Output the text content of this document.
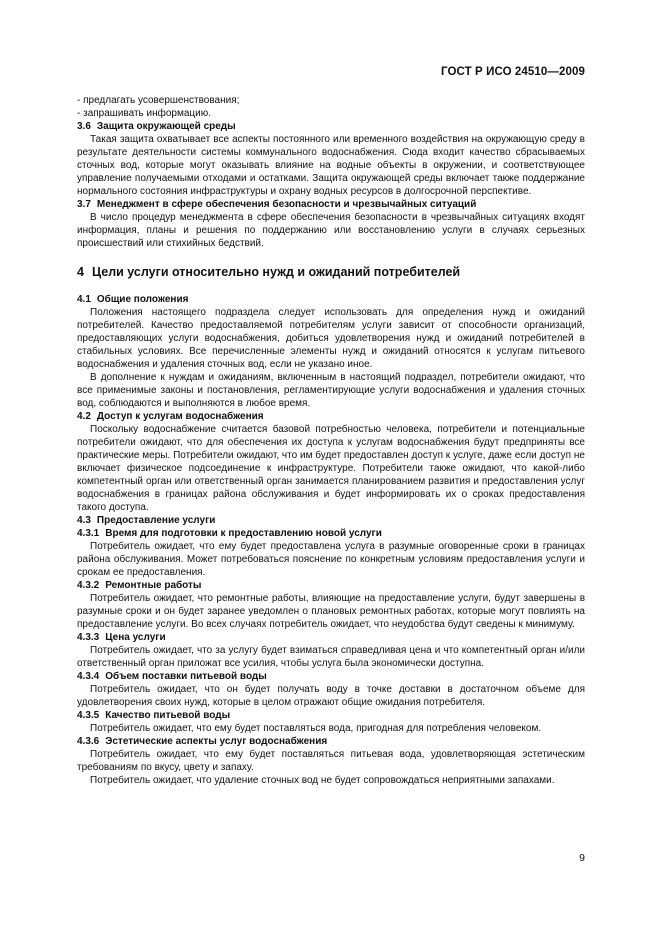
ГОСТ Р ИСО 24510—2009

- предлагать усовершенствования;

- запрашивать информацию.

3.6 Защита окружающей среды

Такая защита охватывает все аспекты постоянного или временного воздействия на окружающую среду в результате деятельности системы коммунального водоснабжения. Сюда входит качество сбрасываемых сточных вод, которые могут оказывать влияние на водные объекты в окружении, и соответствующее управление получаемыми отходами и остатками. Защита окружающей среды включает также поддержание нормального состояния инфраструктуры и охрану водных ресурсов в долгосрочной перспективе.

3.7 Менеджмент в сфере обеспечения безопасности и чрезвычайных ситуаций

В число процедур менеджмента в сфере обеспечения безопасности в чрезвычайных ситуациях входят информация, планы и решения по поддержанию или восстановлению услуги в случаях серьезных происшествий или стихийных бедствий.

4 Цели услуги относительно нужд и ожиданий потребителей

4.1 Общие положения

Положения настоящего подраздела следует использовать для определения нужд и ожиданий потребителей. Качество предоставляемой потребителям услуги зависит от способности организаций, предоставляющих услуги водоснабжения, добиться удовлетворения нужд и ожиданий потребителей в стабильных условиях. Все перечисленные элементы нужд и ожиданий относятся к услугам питьевого водоснабжения и удаления сточных вод, если не указано иное.

В дополнение к нуждам и ожиданиям, включенным в настоящий подраздел, потребители ожидают, что все применимые законы и постановления, регламентирующие услуги водоснабжения и удаления сточных вод, соблюдаются и выполняются в любое время.

4.2 Доступ к услугам водоснабжения

Поскольку водоснабжение считается базовой потребностью человека, потребители и потенциальные потребители ожидают, что для обеспечения их доступа к услугам водоснабжения будут предприняты все практические меры. Потребители ожидают, что им будет предоставлен доступ к услуге, даже если доступ не включает физическое подсоединение к инфраструктуре. Потребители также ожидают, что какой-либо компетентный орган или ответственный орган занимается планированием развития и предоставления услуг водоснабжения в границах района обслуживания и будет информировать их о сроках предоставления такого доступа.

4.3 Предоставление услуги

4.3.1 Время для подготовки к предоставлению новой услуги

Потребитель ожидает, что ему будет предоставлена услуга в разумные оговоренные сроки в границах района обслуживания. Может потребоваться пояснение по конкретным условиям предоставления услуги и срокам ее предоставления.

4.3.2 Ремонтные работы

Потребитель ожидает, что ремонтные работы, влияющие на предоставление услуги, будут завершены в разумные сроки и он будет заранее уведомлен о плановых ремонтных работах, которые могут повлиять на предоставление услуги. Во всех случаях потребитель ожидает, что неудобства будут сведены к минимуму.

4.3.3 Цена услуги

Потребитель ожидает, что за услугу будет взиматься справедливая цена и что компетентный орган и/или ответственный орган приложат все усилия, чтобы услуга была экономически доступна.

4.3.4 Объем поставки питьевой воды

Потребитель ожидает, что он будет получать воду в точке доставки в достаточном объеме для удовлетворения своих нужд, которые в целом отражают общие ожидания потребителя.

4.3.5 Качество питьевой воды

Потребитель ожидает, что ему будет поставляться вода, пригодная для потребления человеком.

4.3.6 Эстетические аспекты услуг водоснабжения

Потребитель ожидает, что ему будет поставляться питьевая вода, удовлетворяющая эстетическим требованиям по вкусу, цвету и запаху.

Потребитель ожидает, что удаление сточных вод не будет сопровождаться неприятными запахами.

9
